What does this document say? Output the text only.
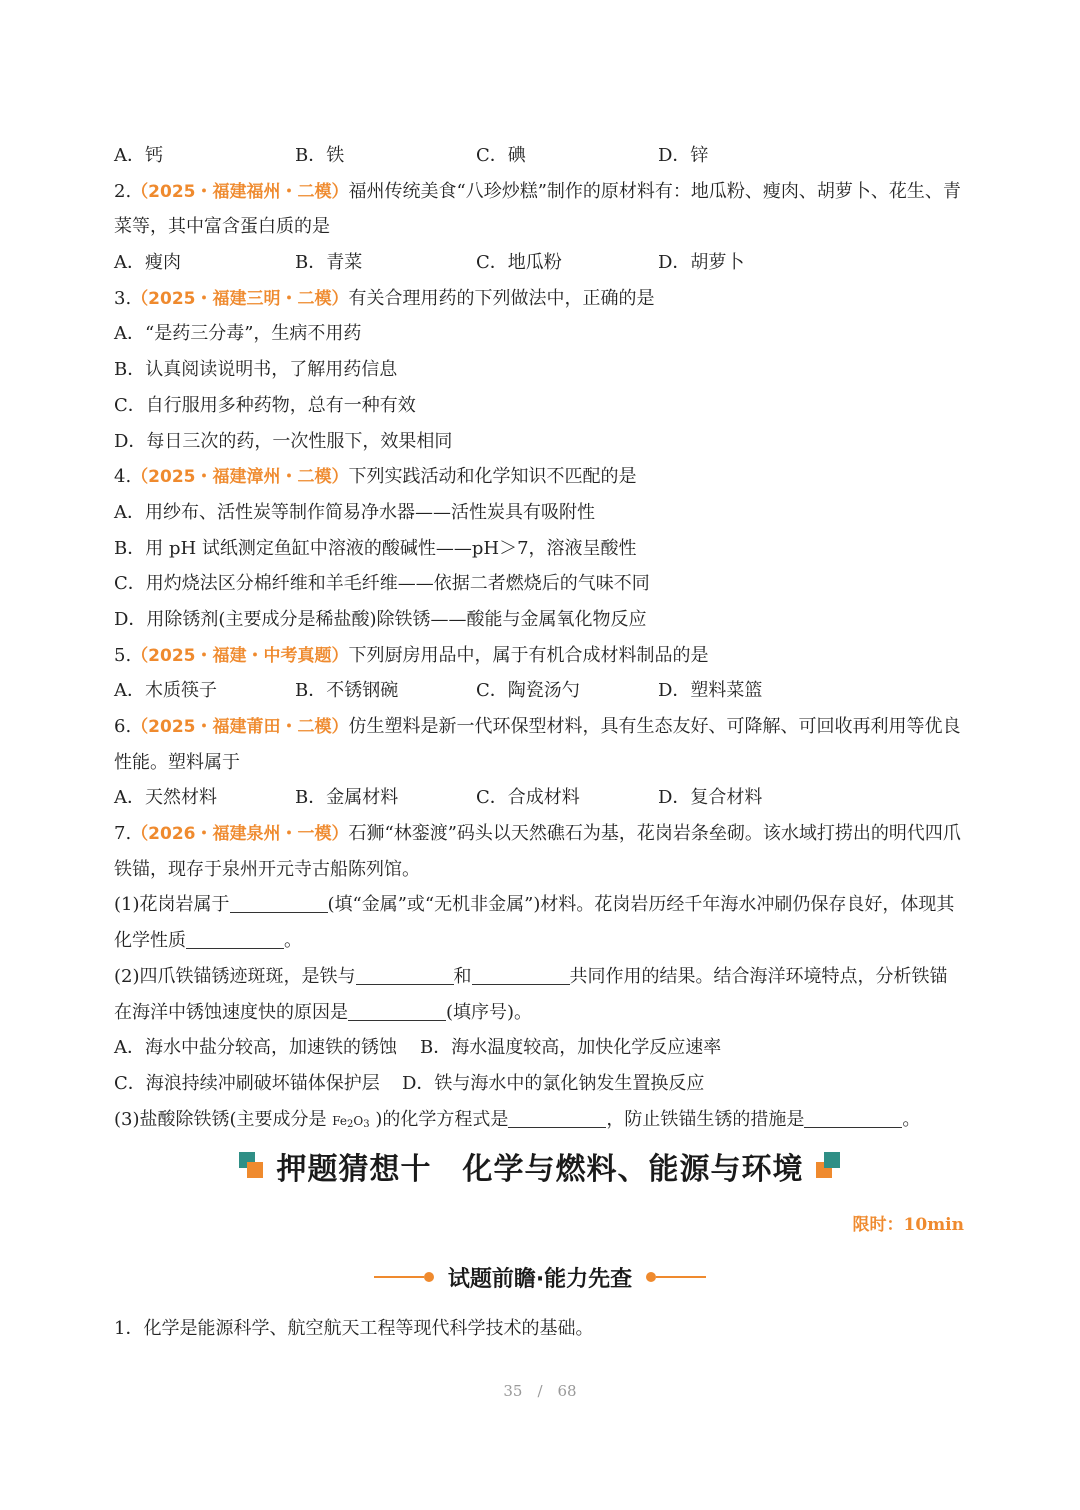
A．钙	B．铁	C．碘	D．锌
2.（2025・福建福州・二模）福州传统美食“八珍炒糕”制作的原材料有：地瓜粉、瘦肉、胡萝卜、花生、青
菜等，其中富含蛋白质的是
A．瘦肉	B．青菜	C．地瓜粉	D．胡萝卜
3.（2025・福建三明・二模）有关合理用药的下列做法中，正确的是
A．“是药三分毒”，生病不用药
B．认真阅读说明书，了解用药信息
C．自行服用多种药物，总有一种有效
D．每日三次的药，一次性服下，效果相同
4.（2025・福建漳州・二模）下列实践活动和化学知识不匹配的是
A．用纱布、活性炭等制作简易净水器——活性炭具有吸附性
B．用 pH 试纸测定鱼缸中溶液的酸碱性——pH＞7，溶液呈酸性
C．用灼烧法区分棉纤维和羊毛纤维——依据二者燃烧后的气味不同
D．用除锈剂(主要成分是稀盐酸)除铁锈——酸能与金属氧化物反应
5.（2025・福建・中考真题）下列厨房用品中，属于有机合成材料制品的是
A．木质筷子	B．不锈钢碗	C．陶瓷汤勺	D．塑料菜篮
6.（2025・福建莆田・二模）仿生塑料是新一代环保型材料，具有生态友好、可降解、可回收再利用等优良
性能。塑料属于
A．天然材料	B．金属材料	C．合成材料	D．复合材料
7.（2026・福建泉州・一模）石狮“林銮渡”码头以天然礁石为基，花岗岩条垒砌。该水域打捞出的明代四爪
铁锚，现存于泉州开元寺古船陈列馆。
(1)花岗岩属于	(填“金属”或“无机非金属”)材料。花岗岩历经千年海水冲刷仍保存良好，体现其
化学性质	。
(2)四爪铁锚锈迹斑斑，是铁与	和	共同作用的结果。结合海洋环境特点，分析铁锚
在海洋中锈蚀速度快的原因是	(填序号)。
A．海水中盐分较高，加速铁的锈蚀 B．海水温度较高，加快化学反应速率
C．海浪持续冲刷破坏锚体保护层 D．铁与海水中的氯化钠发生置换反应
(3)盐酸除铁锈(主要成分是 $Fe_2O_3$ )的化学方程式是	，防止铁锚生锈的措施是	。
押题猜想十　化学与燃料、能源与环境
限时：10min
试题前瞻·能力先查
1．化学是能源科学、航空航天工程等现代科学技术的基础。
35　/　68
